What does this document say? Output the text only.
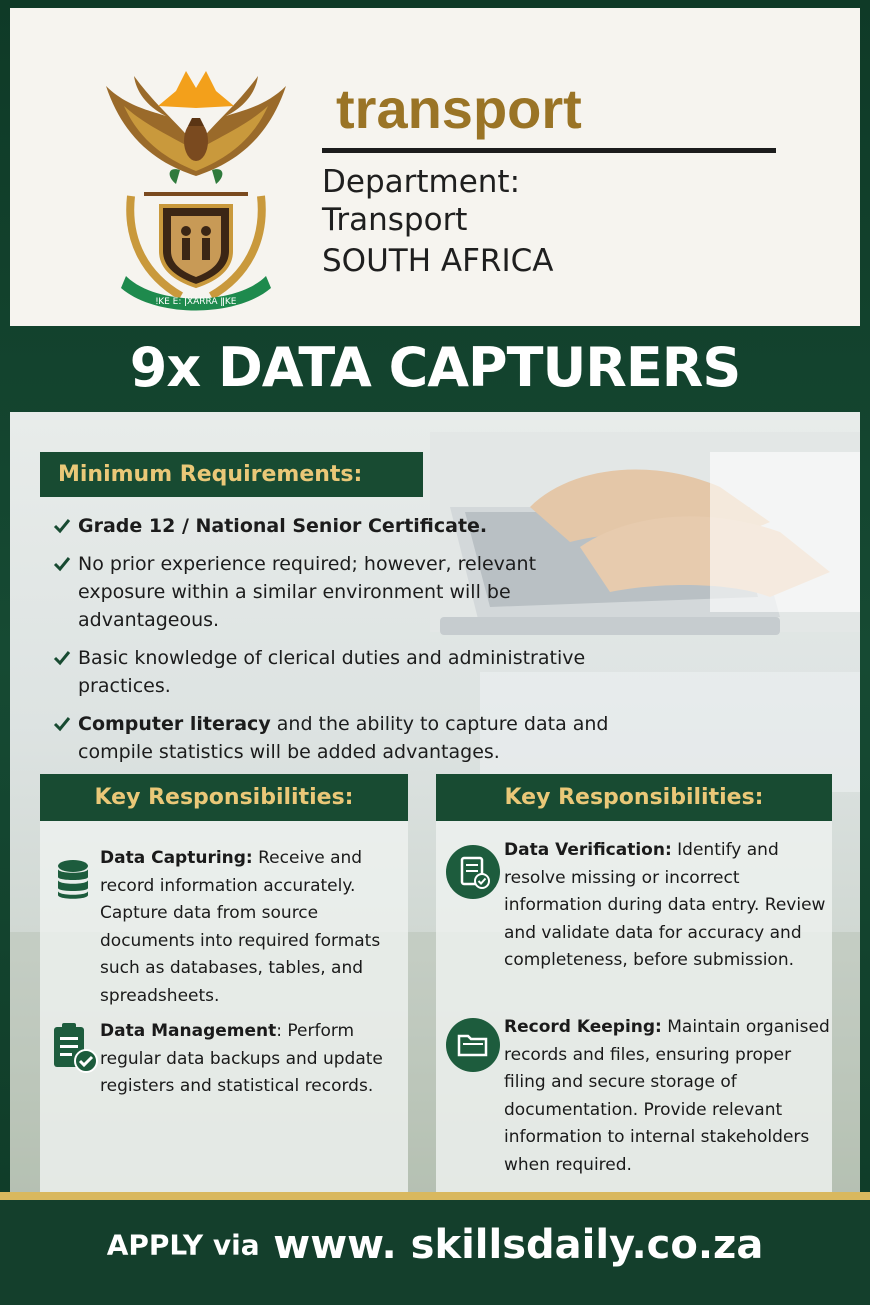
ǃKE E: ǀXARRA ǁKE
transport
Department:
Transport
SOUTH AFRICA
9x DATA CAPTURERS
Minimum Requirements:
Grade 12 / National Senior Certificate.
No prior experience required; however, relevant exposure within a similar environment will be advantageous.
Basic knowledge of clerical duties and administrative practices.
Computer literacy and the ability to capture data and compile statistics will be added advantages.
Key Responsibilities:	Key Responsibilities:
Data Capturing: Receive and record information accurately. Capture data from source documents into required formats such as databases, tables, and spreadsheets.
Data Management: Perform regular data backups and update registers and statistical records.
Data Verification: Identify and resolve missing or incorrect information during data entry. Review and validate data for accuracy and completeness, before submission.
Record Keeping: Maintain organised records and files, ensuring proper filing and secure storage of documentation. Provide relevant information to internal stakeholders when required.
APPLY via www. skillsdaily.co.za
